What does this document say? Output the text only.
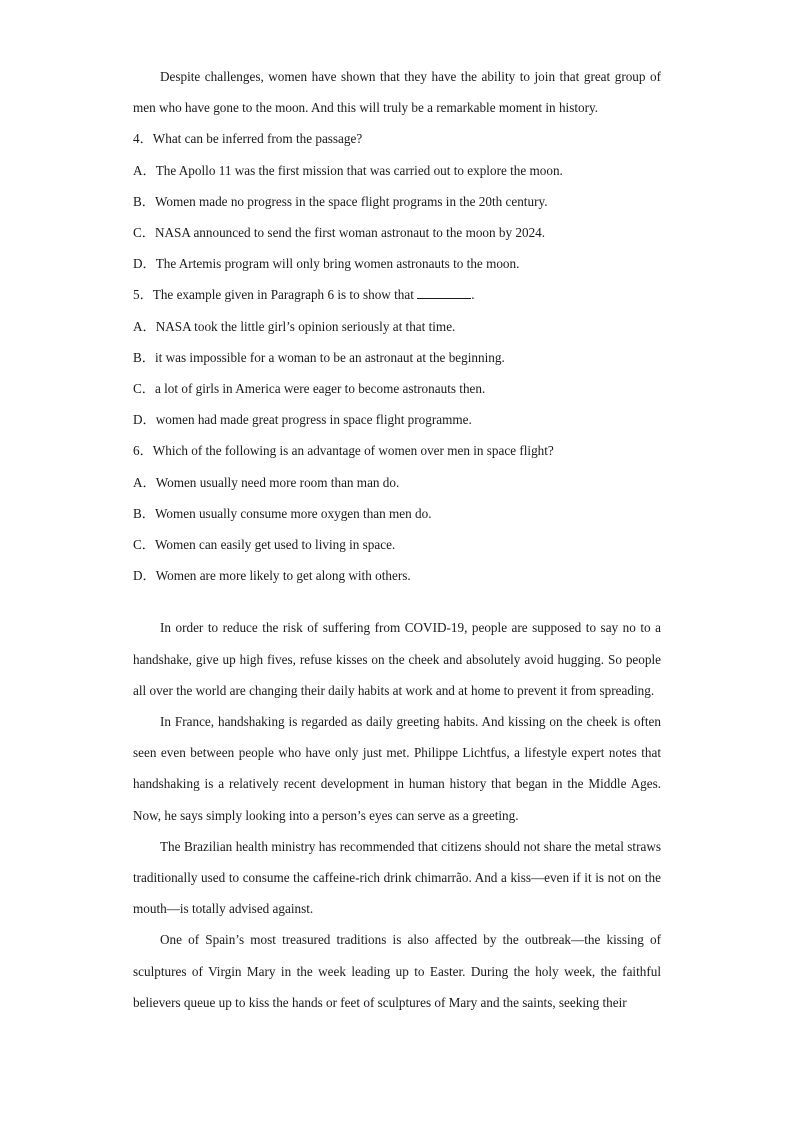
Despite challenges, women have shown that they have the ability to join that great group of men who have gone to the moon. And this will truly be a remarkable moment in history.

4．What can be inferred from the passage?

A．The Apollo 11 was the first mission that was carried out to explore the moon.

B．Women made no progress in the space flight programs in the 20th century.

C．NASA announced to send the first woman astronaut to the moon by 2024.

D．The Artemis program will only bring women astronauts to the moon.

5．The example given in Paragraph 6 is to show that	.

A．NASA took the little girl’s opinion seriously at that time.

B．it was impossible for a woman to be an astronaut at the beginning.

C．a lot of girls in America were eager to become astronauts then.

D．women had made great progress in space flight programme.

6．Which of the following is an advantage of women over men in space flight?

A．Women usually need more room than man do.

B．Women usually consume more oxygen than men do.

C．Women can easily get used to living in space.

D．Women are more likely to get along with others.

In order to reduce the risk of suffering from COVID-19, people are supposed to say no to a handshake, give up high fives, refuse kisses on the cheek and absolutely avoid hugging. So people all over the world are changing their daily habits at work and at home to prevent it from spreading.

In France, handshaking is regarded as daily greeting habits. And kissing on the cheek is often seen even between people who have only just met. Philippe Lichtfus, a lifestyle expert notes that handshaking is a relatively recent development in human history that began in the Middle Ages. Now, he says simply looking into a person’s eyes can serve as a greeting.

The Brazilian health ministry has recommended that citizens should not share the metal straws traditionally used to consume the caffeine-rich drink chimarrão. And a kiss—even if it is not on the mouth—is totally advised against.

One of Spain’s most treasured traditions is also affected by the outbreak—the kissing of sculptures of Virgin Mary in the week leading up to Easter. During the holy week, the faithful believers queue up to kiss the hands or feet of sculptures of Mary and the saints, seeking their
